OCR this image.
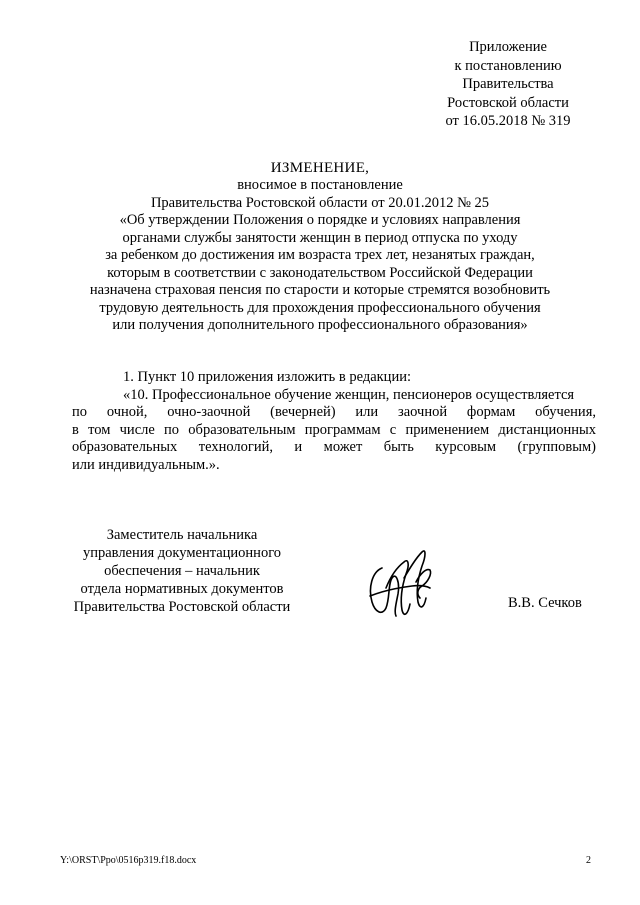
Приложение
к постановлению
Правительства
Ростовской области
от 16.05.2018 № 319
ИЗМЕНЕНИЕ,
вносимое в постановление
Правительства Ростовской области от 20.01.2012 № 25
«Об утверждении Положения о порядке и условиях направления
органами службы занятости женщин в период отпуска по уходу
за ребенком до достижения им возраста трех лет, незанятых граждан,
которым в соответствии с законодательством Российской Федерации
назначена страховая пенсия по старости и которые стремятся возобновить
трудовую деятельность для прохождения профессионального обучения
или получения дополнительного профессионального образования»
1. Пункт 10 приложения изложить в редакции:
«10. Профессиональное обучение женщин, пенсионеров осуществляется
по очной, очно-заочной (вечерней) или заочной формам обучения,
в том числе по образовательным программам с применением дистанционных
образовательных технологий, и может быть курсовым (групповым)
или индивидуальным.».
Заместитель начальника
управления документационного
обеспечения – начальник
отдела нормативных документов
Правительства Ростовской области	В.В. Сечков
Y:\ORST\Ppo\0516p319.f18.docx	2
